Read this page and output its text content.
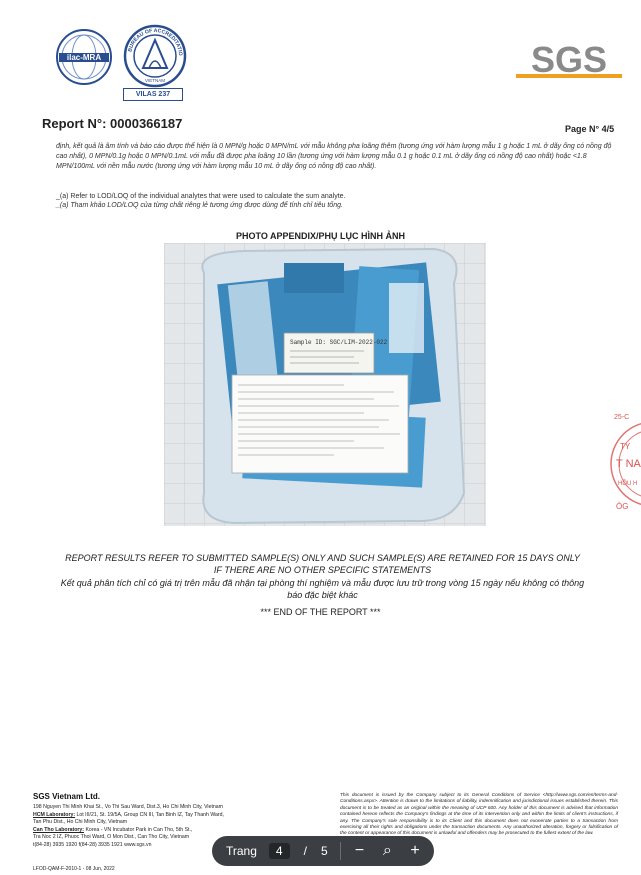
ilac-MRA
BUREAU OF ACCREDITATIO
VIETNAM
VILAS 237
SGS
Report N°: 0000366187	Page N° 4/5
định, kết quả là âm tính và báo cáo được thể hiện là 0 MPN/g hoặc 0 MPN/mL với mẫu không pha loãng thêm (tương ứng với hàm lượng mẫu 1 g hoặc 1 mL ở dãy ống có nồng độ cao nhất), 0 MPN/0.1g hoặc 0 MPN/0.1mL với mẫu đã được pha loãng 10 lần (tương ứng với hàm lượng mẫu 0.1 g hoặc 0.1 mL ở dãy ống có nồng độ cao nhất) hoặc <1.8 MPN/100mL với nền mẫu nước (tương ứng với hàm lượng mẫu 10 mL ở dãy ống có nồng độ cao nhất).
_(a) Refer to LOD/LOQ of the individual analytes that were used to calculate the sum analyte.
_(a) Tham khảo LOD/LOQ của từng chất riêng lẻ tương ứng được dùng để tính chỉ tiêu tổng.
PHOTO APPENDIX/PHỤ LỤC HÌNH ẢNH
Sample ID: SGC/LIM-2022-022
25-C
TY
T NA
HỒU H
ÒG
REPORT RESULTS REFER TO SUBMITTED SAMPLE(S) ONLY AND SUCH SAMPLE(S) ARE RETAINED FOR 15 DAYS ONLY IF THERE ARE NO OTHER SPECIFIC STATEMENTS
Kết quả phân tích chỉ có giá trị trên mẫu đã nhận tại phòng thí nghiệm và mẫu được lưu trữ trong vòng 15 ngày nếu không có thông báo đặc biệt khác
*** END OF THE REPORT ***
SGS Vietnam Ltd.
198 Nguyen Thi Minh Khai St., Vo Thi Sau Ward, Dist.3, Ho Chi Minh City, Vietnam
HCM Laboratory: Lot III/21, St. 19/5A, Group CN III, Tan Binh IZ, Tay Thanh Ward,
Tan Phu Dist., Ho Chi Minh City, Vietnam
Can Tho Laboratory: Korea - VN Incubator Park in Can Tho, 5th St.,
Tra Noc 2 IZ, Phuoc Thoi Ward, O Mon Dist., Can Tho City, Vietnam
t(84-28) 3935 1920 f(84-28) 3935 1921 www.sgs.vn
This document is issued by the Company subject to its General Conditions of Service <http://www.sgs.com/en/terms-and-Conditions.aspx>. Attention is drawn to the limitations of liability, indemnification and jurisdictional issues established therein. This document is to be treated as an original within the meaning of UCP 600. Any holder of this document is advised that information contained hereon reflects the Company's findings at the time of its intervention only and within the limits of client's instructions, if any. The Company's sole responsibility is to its Client and this document does not exonerate parties to a transaction from exercising all their rights and obligations under the transaction documents. Any unauthorized alteration, forgery or falsification of the content or appearance of this document is unlawful and offenders may be prosecuted to the fullest extent of the law.
LFOD-QAM-F-2010-1 - 08 Jun, 2022
Trang	4	/ 5 − ⌕ +
